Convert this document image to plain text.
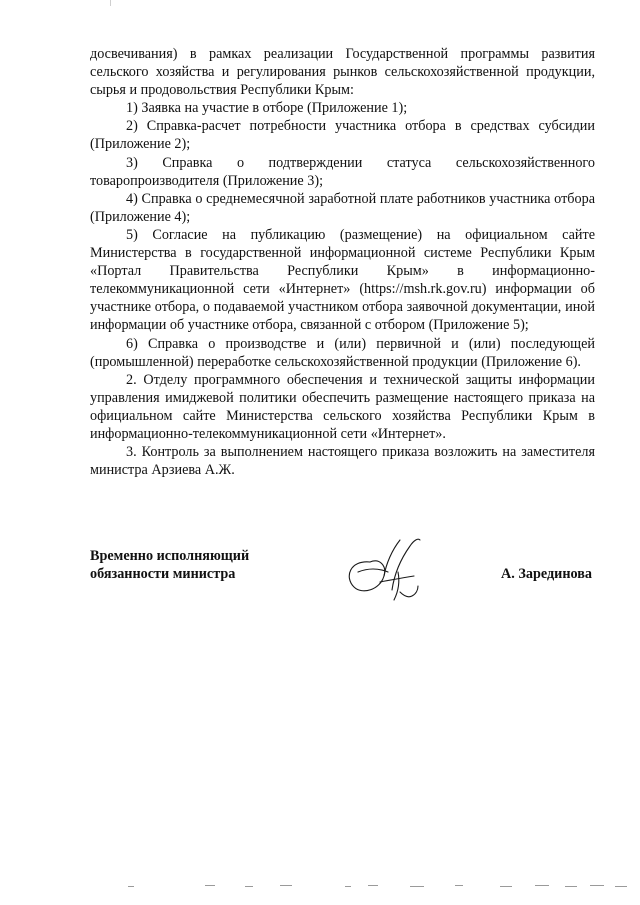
досвечивания) в рамках реализации Государственной программы развития сельского хозяйства и регулирования рынков сельскохозяйственной продукции, сырья и продовольствия Республики Крым:

1) Заявка на участие в отборе (Приложение 1);

2) Справка-расчет потребности участника отбора в средствах субсидии (Приложение 2);

3) Справка о подтверждении статуса сельскохозяйственного товаропроизводителя (Приложение 3);

4) Справка о среднемесячной заработной плате работников участника отбора (Приложение 4);

5) Согласие на публикацию (размещение) на официальном сайте Министерства в государственной информационной системе Республики Крым «Портал Правительства Республики Крым» в информационно-телекоммуникационной сети «Интернет» (https://msh.rk.gov.ru) информации об участнике отбора, о подаваемой участником отбора заявочной документации, иной информации об участнике отбора, связанной с отбором (Приложение 5);

6) Справка о производстве и (или) первичной и (или) последующей (промышленной) переработке сельскохозяйственной продукции (Приложение 6).

2. Отделу программного обеспечения и технической защиты информации управления имиджевой политики обеспечить размещение настоящего приказа на официальном сайте Министерства сельского хозяйства Республики Крым в информационно-телекоммуникационной сети «Интернет».

3. Контроль за выполнением настоящего приказа возложить на заместителя министра Арзиева А.Ж.

Временно исполняющий
обязанности министра	А. Зарединова
